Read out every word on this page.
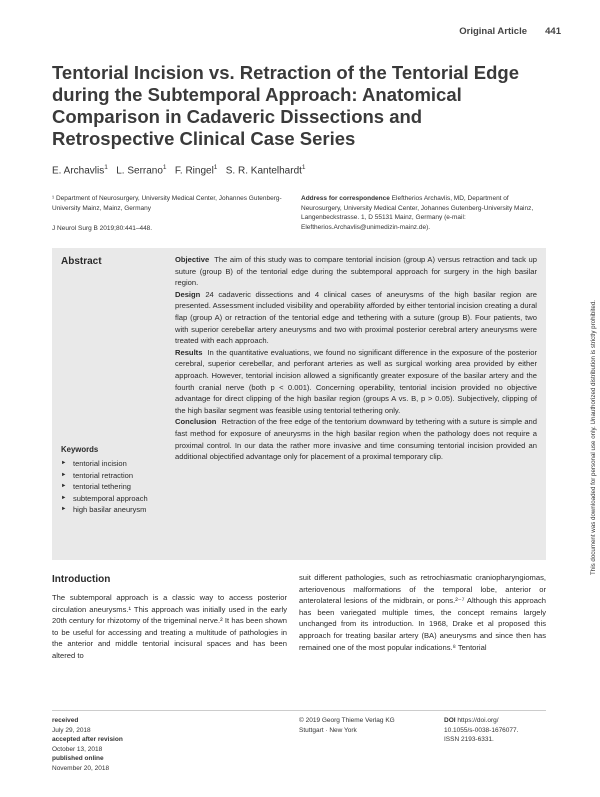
Original Article 441
Tentorial Incision vs. Retraction of the Tentorial Edge during the Subtemporal Approach: Anatomical Comparison in Cadaveric Dissections and Retrospective Clinical Case Series
E. Archavlis$^1$ L. Serrano$^1$ F. Ringel$^1$ S. R. Kantelhardt$^1$
¹ Department of Neurosurgery, University Medical Center, Johannes Gutenberg-University Mainz, Mainz, Germany
J Neurol Surg B 2019;80:441–448.
Address for correspondence Eleftherios Archavlis, MD, Department of Neurosurgery, University Medical Center, Johannes Gutenberg-University Mainz, Langenbeckstrasse. 1, D 55131 Mainz, Germany (e-mail: Eleftherios.Archavlis@unimedizin-mainz.de).
Abstract	Objective The aim of this study was to compare tentorial incision (group A) versus retraction and tack up suture (group B) of the tentorial edge during the subtemporal approach for surgery in the high basilar region.

Design 24 cadaveric dissections and 4 clinical cases of aneurysms of the high basilar region are presented. Assessment included visibility and operability afforded by either tentorial incision creating a dural flap (group A) or retraction of the tentorial edge and tethering with a suture (group B). Four patients, two with superior cerebellar artery aneurysms and two with proximal posterior cerebral artery aneurysms were treated with each approach.

Results In the quantitative evaluations, we found no significant difference in the exposure of the posterior cerebral, superior cerebellar, and perforant arteries as well as surgical working area provided by either approach. However, tentorial incision allowed a significantly greater exposure of the basilar artery and the fourth cranial nerve (both p < 0.001). Concerning operability, tentorial incision provided no objective advantage for direct clipping of the high basilar region (groups A vs. B, p > 0.05). Subjectively, clipping of the high basilar segment was feasible using tentorial tethering only.

Conclusion Retraction of the free edge of the tentorium downward by tethering with a suture is simple and fast method for exposure of aneurysms in the high basilar region when the pathology does not require a proximal control. In our data the rather more invasive and time consuming tentorial incision provided an additional objectified advantage only for placement of a proximal temporary clip.

Keywords
► tentorial incision
► tentorial retraction
► tentorial tethering
► subtemporal approach
► high basilar aneurysm
Introduction
The subtemporal approach is a classic way to access posterior circulation aneurysms.¹ This approach was initially used in the early 20th century for rhizotomy of the trigeminal nerve.² It has been shown to be useful for accessing and treating a multitude of pathologies in the anterior and middle tentorial incisural spaces and has been altered to
suit different pathologies, such as retrochiasmatic craniopharyngiomas, arteriovenous malformations of the temporal lobe, anterior or anterolateral lesions of the midbrain, or pons.²⁻⁷ Although this approach has been variegated multiple times, the concept remains largely unchanged from its introduction. In 1968, Drake et al proposed this approach for treating basilar artery (BA) aneurysms and since then has remained one of the most popular indications.⁸ Tentorial
received
July 29, 2018
accepted after revision
October 13, 2018
published online
November 20, 2018
© 2019 Georg Thieme Verlag KG
Stuttgart · New York
DOI https://doi.org/
10.1055/s-0038-1676077.
ISSN 2193-6331.
This document was downloaded for personal use only. Unauthorized distribution is strictly prohibited.
